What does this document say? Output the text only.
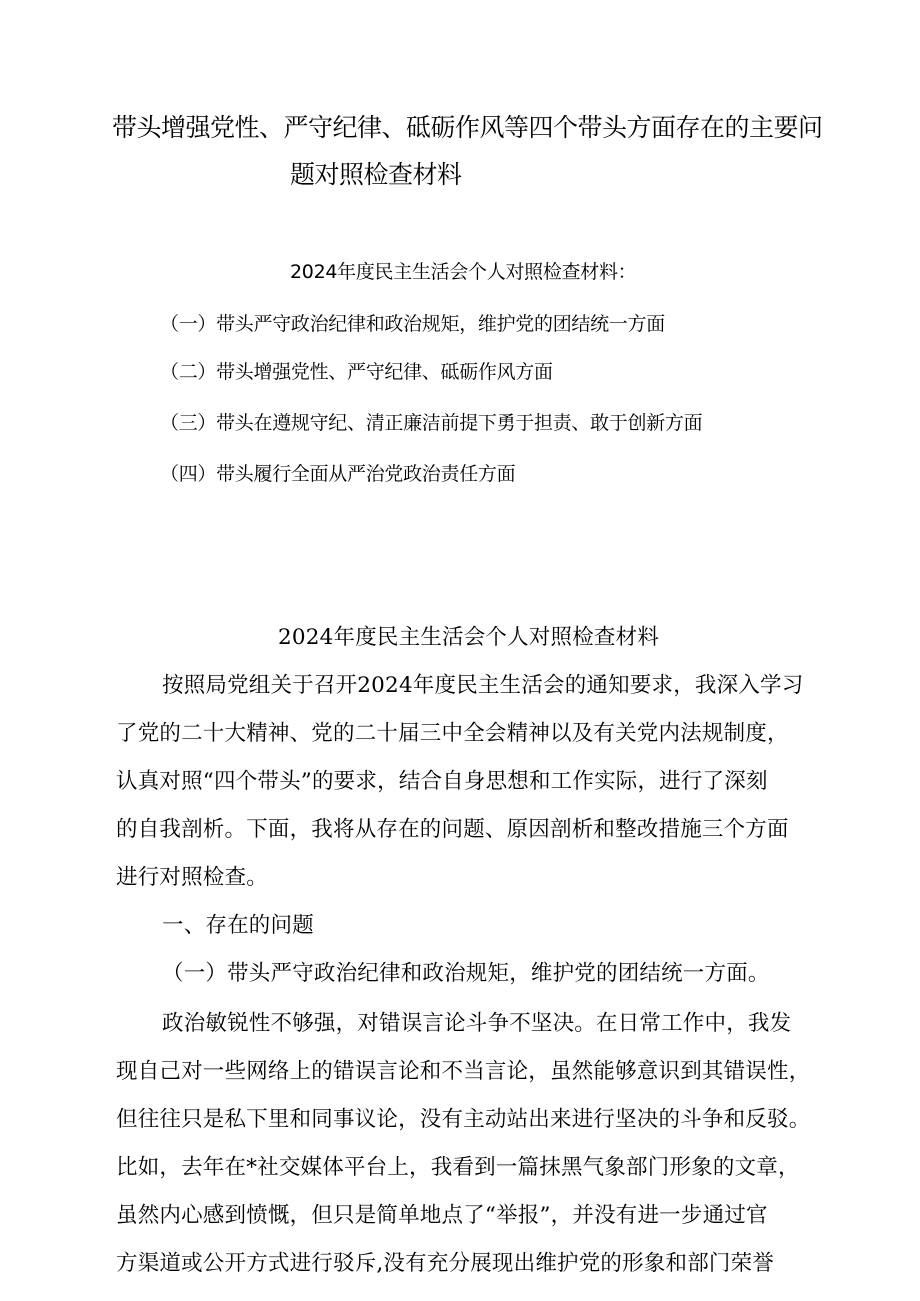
带头增强党性、严守纪律、砥砺作风等四个带头方面存在的主要问
题对照检查材料
2024年度民主生活会个人对照检查材料：
（一）带头严守政治纪律和政治规矩，维护党的团结统一方面
（二）带头增强党性、严守纪律、砥砺作风方面
（三）带头在遵规守纪、清正廉洁前提下勇于担责、敢于创新方面
（四）带头履行全面从严治党政治责任方面
2024年度民主生活会个人对照检查材料
按照局党组关于召开2024年度民主生活会的通知要求，我深入学习
了党的二十大精神、党的二十届三中全会精神以及有关党内法规制度，
认真对照“四个带头”的要求，结合自身思想和工作实际，进行了深刻
的自我剖析。下面，我将从存在的问题、原因剖析和整改措施三个方面
进行对照检查。
一、存在的问题
（一）带头严守政治纪律和政治规矩，维护党的团结统一方面。
政治敏锐性不够强，对错误言论斗争不坚决。在日常工作中，我发
现自己对一些网络上的错误言论和不当言论，虽然能够意识到其错误性，
但往往只是私下里和同事议论，没有主动站出来进行坚决的斗争和反驳。
比如，去年在*社交媒体平台上，我看到一篇抹黑气象部门形象的文章，
虽然内心感到愤慨，但只是简单地点了“举报”，并没有进一步通过官
方渠道或公开方式进行驳斥,没有充分展现出维护党的形象和部门荣誉
